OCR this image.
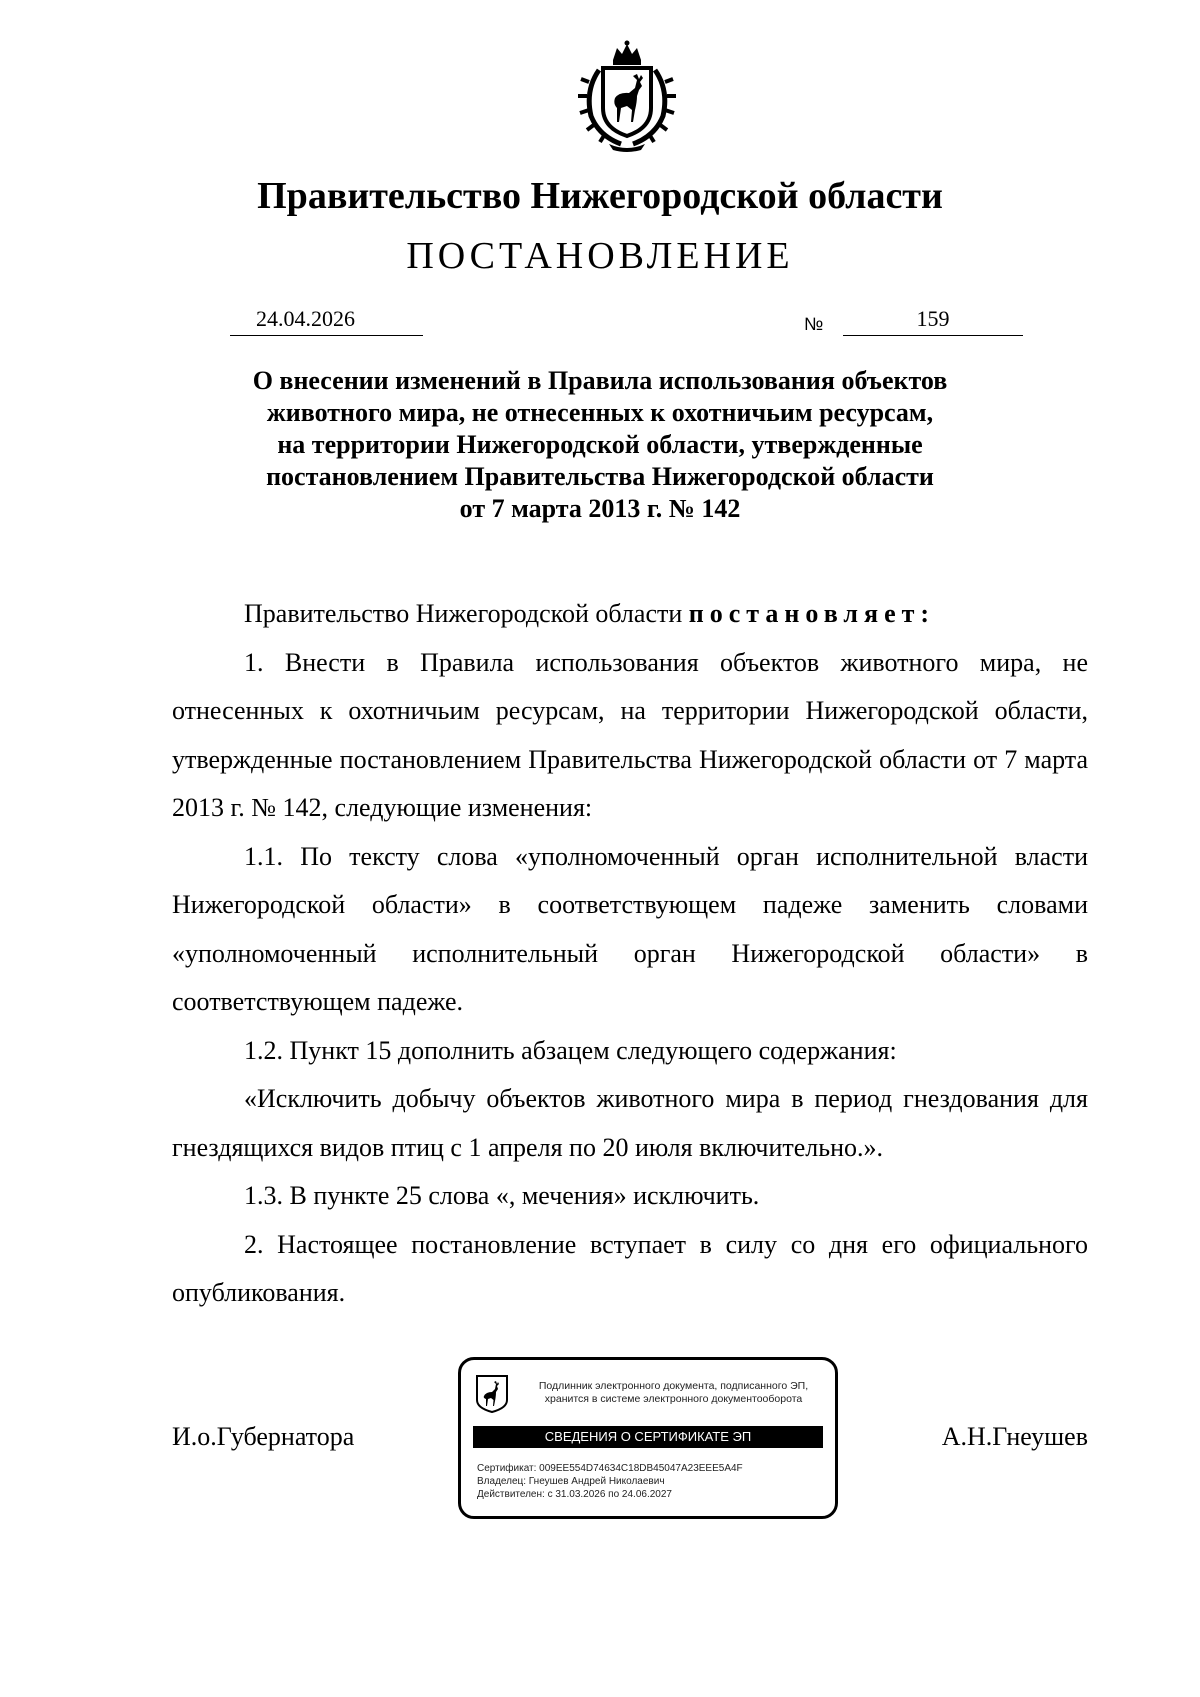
Правительство Нижегородской области
ПОСТАНОВЛЕНИЕ
24.04.2026	№	159
О внесении изменений в Правила использования объектов
животного мира, не отнесенных к охотничьим ресурсам,
на территории Нижегородской области, утвержденные
постановлением Правительства Нижегородской области
от 7 марта 2013 г. № 142

Правительство Нижегородской области постановляет:

1. Внести в Правила использования объектов животного мира, не отнесенных к охотничьим ресурсам, на территории Нижегородской области, утвержденные постановлением Правительства Нижегородской области от 7 марта 2013 г. № 142, следующие изменения:

1.1. По тексту слова «уполномоченный орган исполнительной власти Нижегородской области» в соответствующем падеже заменить словами «уполномоченный исполнительный орган Нижегородской области» в соответствующем падеже.

1.2. Пункт 15 дополнить абзацем следующего содержания:

«Исключить добычу объектов животного мира в период гнездования для гнездящихся видов птиц с 1 апреля по 20 июля включительно.».

1.3. В пункте 25 слова «, мечения» исключить.

2. Настоящее постановление вступает в силу со дня его официального опубликования.

И.о.Губернатора	А.Н.Гнеушев
Подлинник электронного документа, подписанного ЭП,
хранится в системе электронного документооборота
СВЕДЕНИЯ О СЕРТИФИКАТЕ ЭП
Сертификат: 009EE554D74634C18DB45047A23EEE5A4F
Владелец: Гнеушев Андрей Николаевич
Действителен: с 31.03.2026 по 24.06.2027
